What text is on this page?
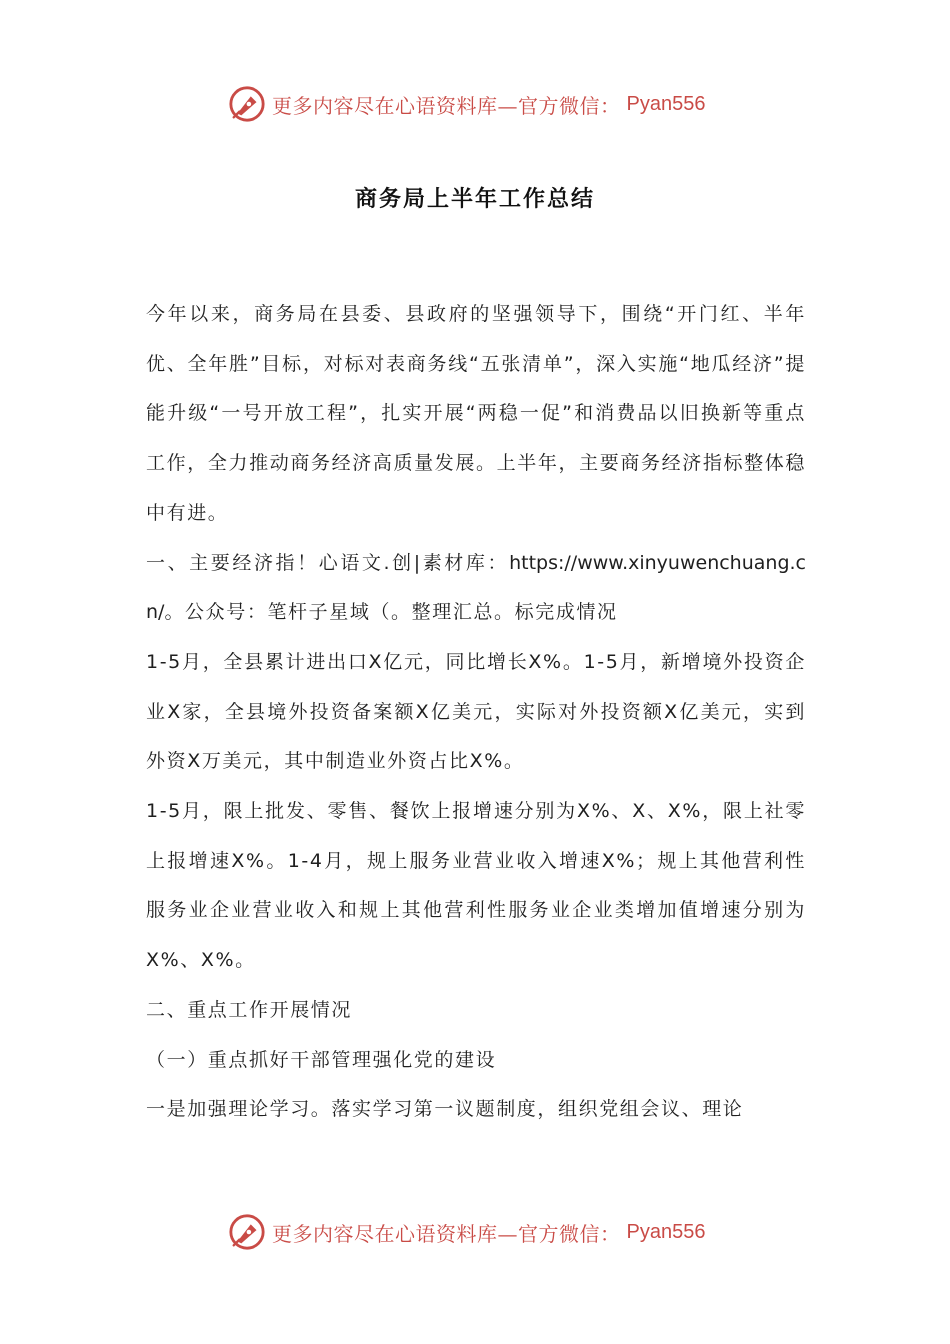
更多内容尽在心语资料库—官方微信： Pyan556
商务局上半年工作总结

今年以来，商务局在县委、县政府的坚强领导下，围绕“开门红、半年优、全年胜”目标，对标对表商务线“五张清单”，深入实施“地瓜经济”提能升级“一号开放工程”，扎实开展“两稳一促”和消费品以旧换新等重点工作，全力推动商务经济高质量发展。上半年，主要商务经济指标整体稳中有进。

一、主要经济指！心语文.创|素材库：https://www.xinyuwenchuang.cn/。公众号：笔杆子星域（。整理汇总。标完成情况

1-5月，全县累计进出口X亿元，同比增长X%。1-5月，新增境外投资企业X家，全县境外投资备案额X亿美元，实际对外投资额X亿美元，实到外资X万美元，其中制造业外资占比X%。

1-5月，限上批发、零售、餐饮上报增速分别为X%、X、X%，限上社零上报增速X%。1-4月，规上服务业营业收入增速X%；规上其他营利性服务业企业营业收入和规上其他营利性服务业企业类增加值增速分别为X%、X%。

二、重点工作开展情况

（一）重点抓好干部管理强化党的建设

一是加强理论学习。落实学习第一议题制度，组织党组会议、理论

更多内容尽在心语资料库—官方微信： Pyan556
